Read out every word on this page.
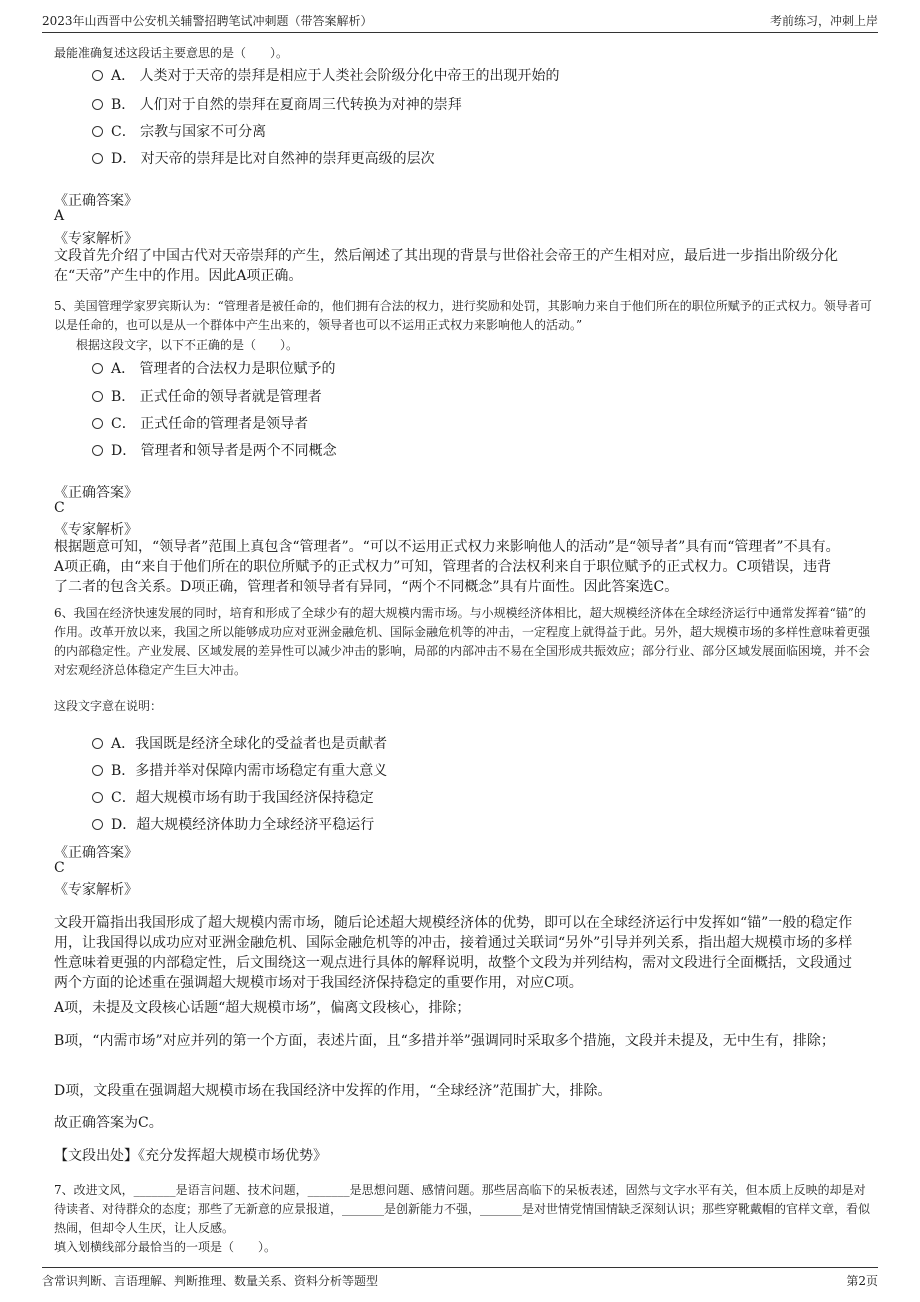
2023年山西晋中公安机关辅警招聘笔试冲刺题（带答案解析）	考前练习，冲刺上岸
最能准确复述这段话主要意思的是（　　）。
A． 人类对于天帝的崇拜是相应于人类社会阶级分化中帝王的出现开始的
B． 人们对于自然的崇拜在夏商周三代转换为对神的崇拜
C． 宗教与国家不可分离
D． 对天帝的崇拜是比对自然神的崇拜更高级的层次
《正确答案》
A
《专家解析》
文段首先介绍了中国古代对天帝崇拜的产生，然后阐述了其出现的背景与世俗社会帝王的产生相对应，最后进一步指出阶级分化在“天帝”产生中的作用。因此A项正确。
5、美国管理学家罗宾斯认为：“管理者是被任命的，他们拥有合法的权力，进行奖励和处罚，其影响力来自于他们所在的职位所赋予的正式权力。领导者可以是任命的，也可以是从一个群体中产生出来的，领导者也可以不运用正式权力来影响他人的活动。”
根据这段文字，以下不正确的是（　　）。
A． 管理者的合法权力是职位赋予的
B． 正式任命的领导者就是管理者
C． 正式任命的管理者是领导者
D． 管理者和领导者是两个不同概念
《正确答案》
C
《专家解析》
根据题意可知，“领导者”范围上真包含“管理者”。“可以不运用正式权力来影响他人的活动”是“领导者”具有而“管理者”不具有。A项正确，由“来自于他们所在的职位所赋予的正式权力”可知，管理者的合法权利来自于职位赋予的正式权力。C项错误，违背了二者的包含关系。D项正确，管理者和领导者有异同，“两个不同概念”具有片面性。因此答案选C。
6、我国在经济快速发展的同时，培育和形成了全球少有的超大规模内需市场。与小规模经济体相比，超大规模经济体在全球经济运行中通常发挥着“锚”的作用。改革开放以来，我国之所以能够成功应对亚洲金融危机、国际金融危机等的冲击，一定程度上就得益于此。另外，超大规模市场的多样性意味着更强的内部稳定性。产业发展、区域发展的差异性可以减少冲击的影响，局部的内部冲击不易在全国形成共振效应；部分行业、部分区域发展面临困境，并不会对宏观经济总体稳定产生巨大冲击。
这段文字意在说明：
A．我国既是经济全球化的受益者也是贡献者
B．多措并举对保障内需市场稳定有重大意义
C．超大规模市场有助于我国经济保持稳定
D．超大规模经济体助力全球经济平稳运行
《正确答案》
C
《专家解析》
文段开篇指出我国形成了超大规模内需市场，随后论述超大规模经济体的优势，即可以在全球经济运行中发挥如“锚”一般的稳定作用，让我国得以成功应对亚洲金融危机、国际金融危机等的冲击，接着通过关联词“另外”引导并列关系，指出超大规模市场的多样性意味着更强的内部稳定性，后文围绕这一观点进行具体的解释说明，故整个文段为并列结构，需对文段进行全面概括，文段通过两个方面的论述重在强调超大规模市场对于我国经济保持稳定的重要作用，对应C项。
A项，未提及文段核心话题“超大规模市场”，偏离文段核心，排除；
B项，“内需市场”对应并列的第一个方面，表述片面，且“多措并举”强调同时采取多个措施，文段并未提及，无中生有，排除；
D项，文段重在强调超大规模市场在我国经济中发挥的作用，“全球经济”范围扩大，排除。
故正确答案为C。
【文段出处】《充分发挥超大规模市场优势》
7、改进文风，_______是语言问题、技术问题，_______是思想问题、感情问题。那些居高临下的呆板表述，固然与文字水平有关，但本质上反映的却是对待读者、对待群众的态度；那些了无新意的应景报道，_______是创新能力不强，_______是对世情党情国情缺乏深刻认识；那些穿靴戴帽的官样文章，看似热闹，但却令人生厌，让人反感。
填入划横线部分最恰当的一项是（　　）。
含常识判断、言语理解、判断推理、数量关系、资料分析等题型	第2页
